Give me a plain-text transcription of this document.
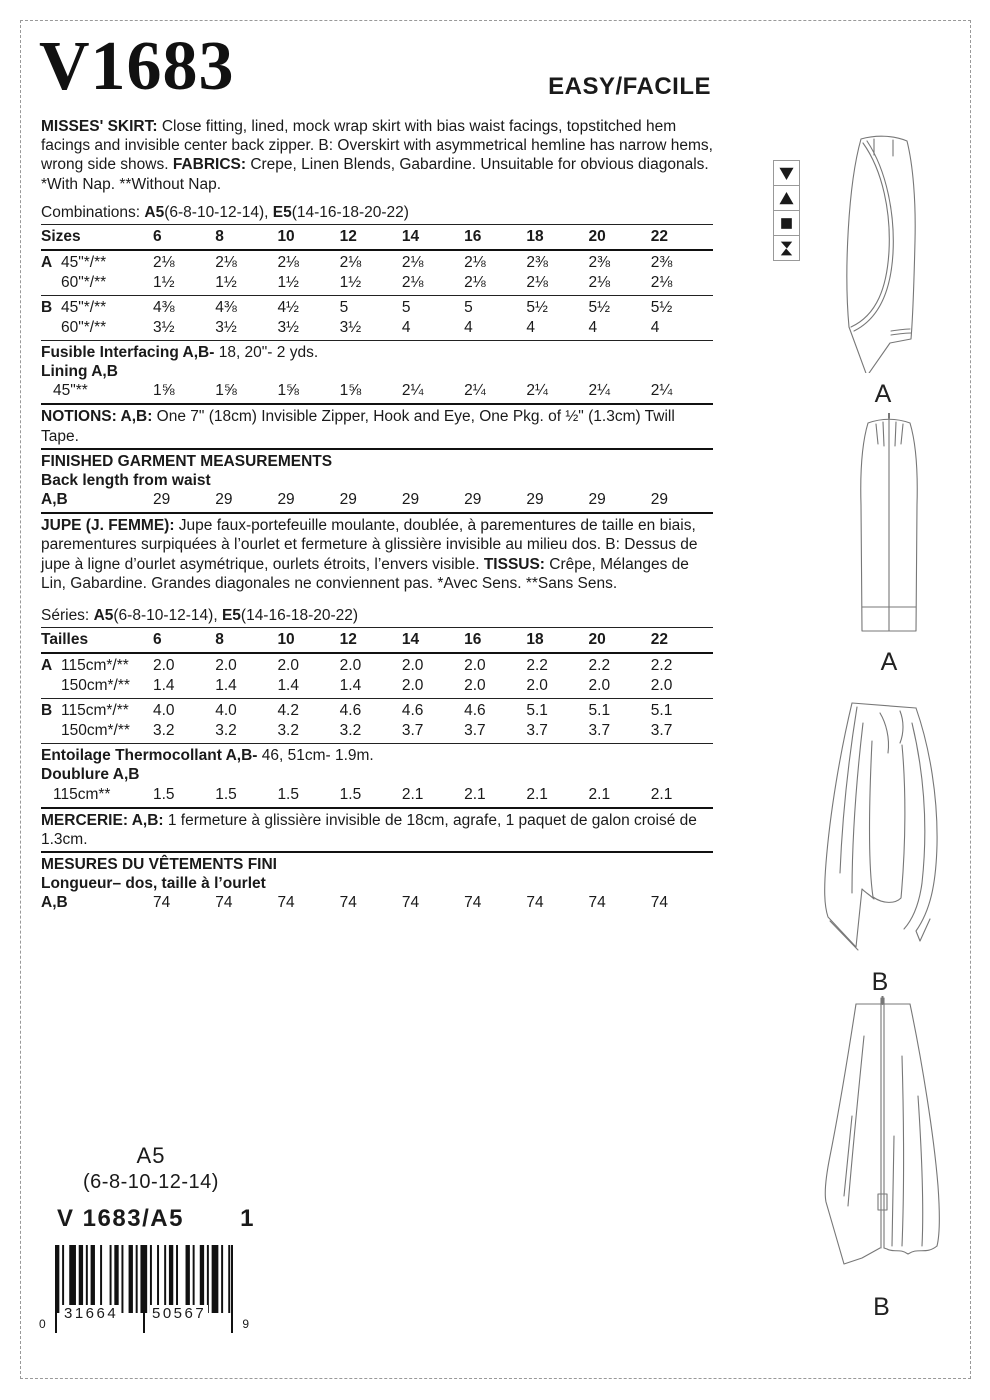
V1683	EASY/FACILE

MISSES' SKIRT: Close fitting, lined, mock wrap skirt with bias waist facings, topstitched hem facings and invisible center back zipper. B: Overskirt with asymmetrical hemline has narrow hems, wrong side shows. FABRICS: Crepe, Linen Blends, Gabardine. Unsuitable for obvious diagonals. *With Nap. **Without Nap.

Combinations: A5(6-8-10-12-14), E5(14-16-18-20-22)

Sizes	6	8	10	12	14	16	18	20	22
A 45"*/**	2⅛	2⅛	2⅛	2⅛	2⅛	2⅛	2⅜	2⅜	2⅜
60"*/**	1½	1½	1½	1½	2⅛	2⅛	2⅛	2⅛	2⅛
B 45"*/**	4⅜	4⅜	4½	5	5	5	5½	5½	5½
60"*/**	3½	3½	3½	3½	4	4	4	4	4

Fusible Interfacing A,B- 18, 20"- 2 yds.

Lining A,B

45"**	1⅝	1⅝	1⅝	1⅝	2¼	2¼	2¼	2¼	2¼

NOTIONS: A,B: One 7" (18cm) Invisible Zipper, Hook and Eye, One Pkg. of ½" (1.3cm) Twill Tape.

FINISHED GARMENT MEASUREMENTS

Back length from waist

A,B	29	29	29	29	29	29	29	29	29

JUPE (J. FEMME): Jupe faux-portefeuille moulante, doublée, à parementures de taille en biais, parementures surpiquées à l’ourlet et fermeture à glissière invisible au milieu dos. B: Dessus de jupe à ligne d’ourlet asymétrique, ourlets étroits, l’envers visible. TISSUS: Crêpe, Mélanges de Lin, Gabardine. Grandes diagonales ne conviennent pas. *Avec Sens. **Sans Sens.

Séries: A5(6-8-10-12-14), E5(14-16-18-20-22)

Tailles	6	8	10	12	14	16	18	20	22
A 115cm*/** 2.0	2.0	2.0	2.0	2.0	2.0	2.2	2.2	2.2
150cm*/** 1.4	1.4	1.4	1.4	2.0	2.0	2.0	2.0	2.0
B 115cm*/** 4.0	4.0	4.2	4.6	4.6	4.6	5.1	5.1	5.1
150cm*/** 3.2	3.2	3.2	3.2	3.7	3.7	3.7	3.7	3.7

Entoilage Thermocollant A,B- 46, 51cm- 1.9m.

Doublure A,B

115cm**	1.5	1.5	1.5	1.5	2.1	2.1	2.1	2.1	2.1

MERCERIE: A,B: 1 fermeture à glissière invisible de 18cm, agrafe, 1 paquet de galon croisé de 1.3cm.

MESURES DU VÊTEMENTS FINI

Longueur– dos, taille à l’ourlet

A,B	74	74	74	74	74	74	74	74	74
A
A
B
B
A5
(6-8-10-12-14)
V 1683/A5 1
31664 50567
0	9
